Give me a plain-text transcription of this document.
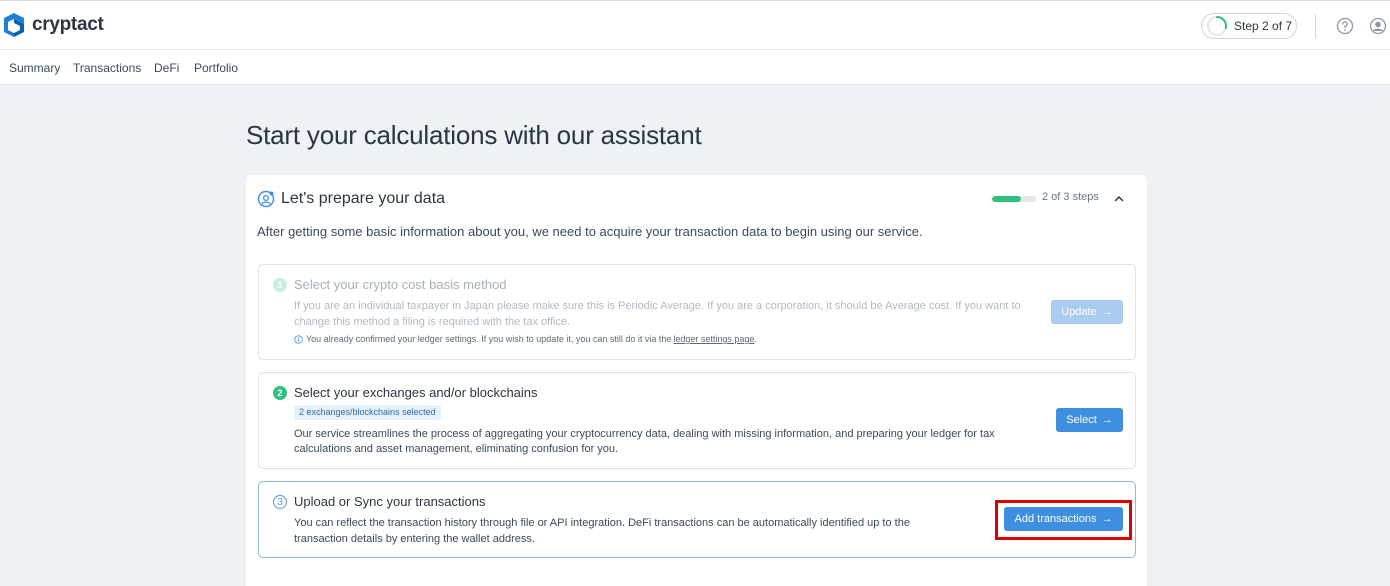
cryptact	Step 2 of 7
Summary Transactions DeFi Portfolio
Start your calculations with our assistant
Let's prepare your data	2 of 3 steps
After getting some basic information about you, we need to acquire your transaction data to begin using our service.
1 Select your crypto cost basis method
If you are an individual taxpayer in Japan please make sure this is Periodic Average. If you are a corporation, it should be Average cost. If you want to
change this method a filing is required with the tax office.
You already confirmed your ledger settings. If you wish to update it, you can still do it via the ledger settings page .
Update →
2 Select your exchanges and/or blockchains
2 exchanges/blockchains selected
Our service streamlines the process of aggregating your cryptocurrency data, dealing with missing information, and preparing your ledger for tax
calculations and asset management, eliminating confusion for you.
Select →
3 Upload or Sync your transactions
You can reflect the transaction history through file or API integration. DeFi transactions can be automatically identified up to the
transaction details by entering the wallet address.
Add transactions →
